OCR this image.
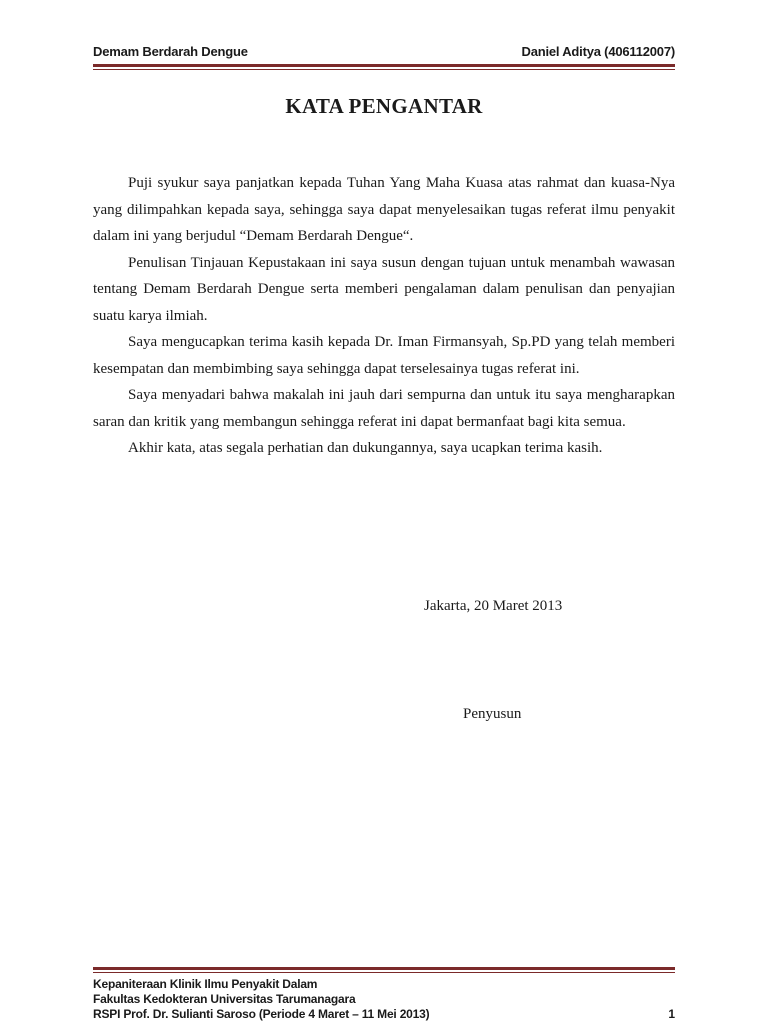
Demam Berdarah Dengue	Daniel Aditya (406112007)
KATA PENGANTAR

Puji syukur saya panjatkan kepada Tuhan Yang Maha Kuasa atas rahmat dan kuasa-Nya yang dilimpahkan kepada saya, sehingga saya dapat menyelesaikan tugas referat ilmu penyakit dalam ini yang berjudul “Demam Berdarah Dengue“.

Penulisan Tinjauan Kepustakaan ini saya susun dengan tujuan untuk menambah wawasan tentang Demam Berdarah Dengue serta memberi pengalaman dalam penulisan dan penyajian suatu karya ilmiah.

Saya mengucapkan terima kasih kepada Dr. Iman Firmansyah, Sp.PD yang telah memberi kesempatan dan membimbing saya sehingga dapat terselesainya tugas referat ini.

Saya menyadari bahwa makalah ini jauh dari sempurna dan untuk itu saya mengharapkan saran dan kritik yang membangun sehingga referat ini dapat bermanfaat bagi kita semua.

Akhir kata, atas segala perhatian dan dukungannya, saya ucapkan terima kasih.

Jakarta, 20 Maret 2013
Penyusun
Kepaniteraan Klinik Ilmu Penyakit Dalam
Fakultas Kedokteran Universitas Tarumanagara
RSPI Prof. Dr. Sulianti Saroso (Periode 4 Maret – 11 Mei 2013)	1
